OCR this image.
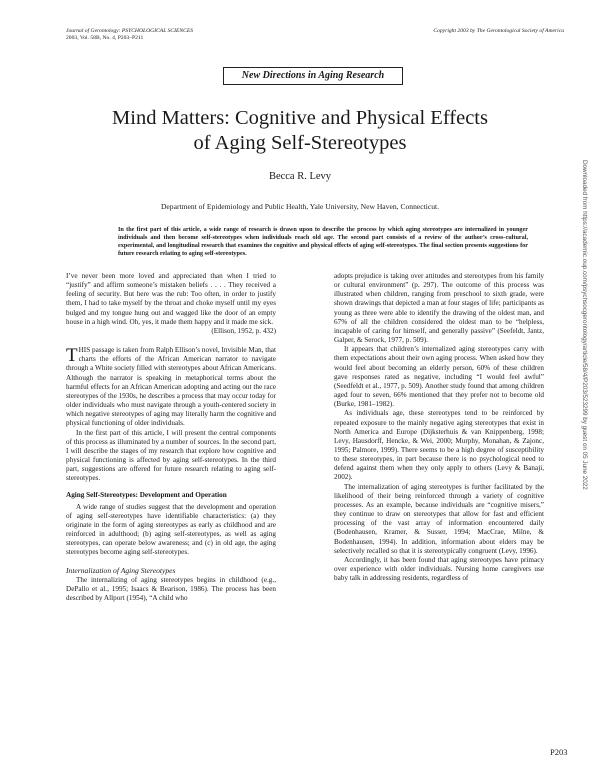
Journal of Gerontology: PSYCHOLOGICAL SCIENCES
2003, Vol. 58B, No. 4, P203–P211
Copyright 2003 by The Gerontological Society of America
New Directions in Aging Research
Mind Matters: Cognitive and Physical Effects
of Aging Self-Stereotypes
Becca R. Levy
Department of Epidemiology and Public Health, Yale University, New Haven, Connecticut.
In the first part of this article, a wide range of research is drawn upon to describe the process by which aging stereotypes are internalized in younger individuals and then become self-stereotypes when individuals reach old age. The second part consists of a review of the author’s cross-cultural, experimental, and longitudinal research that examines the cognitive and physical effects of aging self-stereotypes. The final section presents suggestions for future research relating to aging self-stereotypes.

I’ve never been more loved and appreciated than when I tried to “justify” and affirm someone’s mistaken beliefs . . . . They received a feeling of security. But here was the rub: Too often, in order to justify them, I had to take myself by the throat and choke myself until my eyes bulged and my tongue hung out and wagged like the door of an empty house in a high wind. Oh, yes, it made them happy and it made me sick.

(Ellison, 1952, p. 432)

THIS passage is taken from Ralph Ellison’s novel, Invisible Man, that charts the efforts of the African American narrator to navigate through a White society filled with stereotypes about African Americans. Although the narrator is speaking in metaphorical terms about the harmful effects for an African American adopting and acting out the race stereotypes of the 1930s, he describes a process that may occur today for older individuals who must navigate through a youth-centered society in which negative stereotypes of aging may literally harm the cognitive and physical functioning of older individuals.

In the first part of this article, I will present the central components of this process as illuminated by a number of sources. In the second part, I will describe the stages of my research that explore how cognitive and physical functioning is affected by aging self-stereotypes. In the third part, suggestions are offered for future research relating to aging self-stereotypes.

Aging Self-Stereotypes: Development and Operation

A wide range of studies suggest that the development and operation of aging self-stereotypes have identifiable characteristics: (a) they originate in the form of aging stereotypes as early as childhood and are reinforced in adulthood; (b) aging self-stereotypes, as well as aging stereotypes, can operate below awareness; and (c) in old age, the aging stereotypes become aging self-stereotypes.

Internalization of Aging Stereotypes

The internalizing of aging stereotypes begins in childhood (e.g., DePallo et al., 1995; Isaacs & Bearison, 1986). The process has been described by Allport (1954), “A child who

adopts prejudice is taking over attitudes and stereotypes from his family or cultural environment” (p. 297). The outcome of this process was illustrated when children, ranging from preschool to sixth grade, were shown drawings that depicted a man at four stages of life; participants as young as three were able to identify the drawing of the oldest man, and 67% of all the children considered the oldest man to be “helpless, incapable of caring for himself, and generally passive” (Seefeldt, Jantz, Galper, & Serock, 1977, p. 509).

It appears that children’s internalized aging stereotypes carry with them expectations about their own aging process. When asked how they would feel about becoming an elderly person, 60% of these children gave responses rated as negative, including “I would feel awful” (Seedfeldt et al., 1977, p. 509). Another study found that among children aged four to seven, 66% mentioned that they prefer not to become old (Burke, 1981–1982).

As individuals age, these stereotypes tend to be reinforced by repeated exposure to the mainly negative aging stereotypes that exist in North America and Europe (Dijksterhuis & van Knippenberg, 1998; Levy, Hausdorff, Hencke, & Wei, 2000; Murphy, Monahan, & Zajonc, 1995; Palmore, 1999). There seems to be a high degree of susceptibility to these stereotypes, in part because there is no psychological need to defend against them when they only apply to others (Levy & Banaji, 2002).

The internalization of aging stereotypes is further facilitated by the likelihood of their being reinforced through a variety of cognitive processes. As an example, because individuals are “cognitive misers,” they continue to draw on stereotypes that allow for fast and efficient processing of the vast array of information encountered daily (Bodenhausen, Kramer, & Susser, 1994; MacCrae, Milne, & Bodenhausen, 1994). In addition, information about elders may be selectively recalled so that it is stereotypically congruent (Levy, 1996).

Accordingly, it has been found that aging stereotypes have primacy over experience with older individuals. Nursing home caregivers use baby talk in addressing residents, regardless of

P203
Downloaded from https://academic.oup.com/psychsocgerontology/article/58/4/P203/523299 by guest on 05 June 2022
